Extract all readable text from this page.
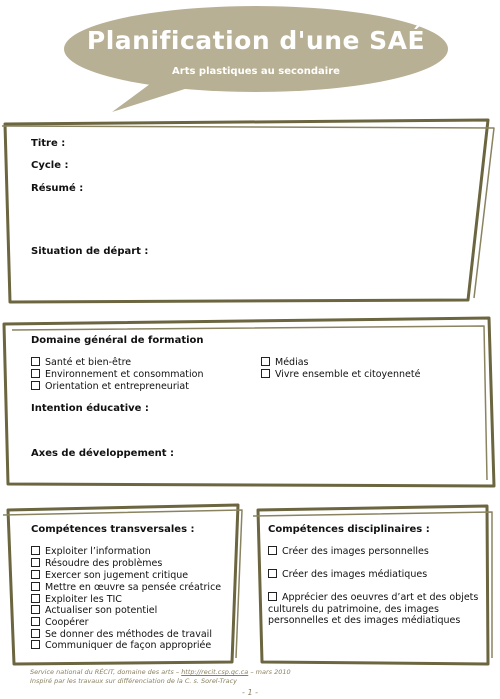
Planification d'une SAÉ
Arts plastiques au secondaire
Titre :
Cycle :
Résumé :
Situation de départ :
Domaine général de formation
Santé et bien-être
Environnement et consommation
Orientation et entrepreneuriat
Médias
Vivre ensemble et citoyenneté
Intention éducative :
Axes de développement :
Compétences transversales :
Exploiter l’information
Résoudre des problèmes
Exercer son jugement critique
Mettre en œuvre sa pensée créatrice
Exploiter les TIC
Actualiser son potentiel
Coopérer
Se donner des méthodes de travail
Communiquer de façon appropriée
Compétences disciplinaires :
Créer des images personnelles
Créer des images médiatiques
Apprécier des oeuvres d’art et des objets culturels du patrimoine, des images personnelles et des images médiatiques
Service national du RÉCIT, domaine des arts – http://recit.csp.qc.ca – mars 2010
Inspiré par les travaux sur différenciation de la C. s. Sorel-Tracy
- 1 -
